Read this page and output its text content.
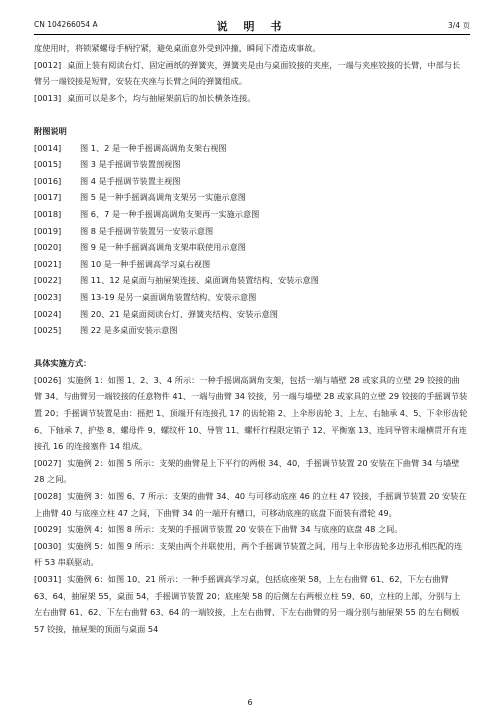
CN 104266054 A	说 明 书	3/4 页

度使用时，将锁紧螺母手柄拧紧，避免桌面意外受到冲撞，瞬间下滑造成事故。

[0012] 桌面上装有阅读台灯、固定画纸的弹簧夹，弹簧夹是由与桌面铰接的夹座，一端与夹座铰接的长臂，中部与长臂另一端铰接是短臂，安装在夹座与长臂之间的弹簧组成。

[0013] 桌面可以是多个，均与抽屉架前后的加长横条连接。

附图说明

[0014] 图 1、2 是一种手摇调高调角支架右视图

[0015] 图 3 是手摇调节装置剖视图

[0016] 图 4 是手摇调节装置主视图

[0017] 图 5 是一种手摇调高调角支架另一实施示意图

[0018] 图 6、7 是一种手摇调高调角支架再一实施示意图

[0019] 图 8 是手摇调节装置另一安装示意图

[0020] 图 9 是一种手摇调高调角支架串联使用示意图

[0021] 图 10 是一种手摇调高学习桌右视图

[0022] 图 11、12 是桌面与抽屉架连接、桌面调角装置结构、安装示意图

[0023] 图 13-19 是另一桌面调角装置结构、安装示意图

[0024] 图 20、21 是桌面阅读台灯、弹簧夹结构、安装示意图

[0025] 图 22 是多桌面安装示意图

具体实施方式：

[0026] 实施例 1：如图 1、2、3、4 所示：一种手摇调高调角支架，包括一端与墙壁 28 或家具的立壁 29 铰接的曲臂 34、与曲臂另一端铰接的任意物件 41、一端与曲臂 34 铰接，另一端与墙壁 28 或家具的立壁 29 铰接的手摇调节装置 20；手摇调节装置是由：摇把 1、顶端开有连接孔 17 的齿轮箱 2、上伞形齿轮 3、上左、右轴承 4、5、下伞形齿轮 6、下轴承 7、护垫 8、螺母件 9、螺纹杆 10、导管 11、螺杆行程限定销子 12、平衡塞 13、连同导管末端横贯开有连接孔 16 的连接塞件 14 组成。

[0027] 实施例 2：如图 5 所示：支架的曲臂是上下平行的两根 34、40，手摇调节装置 20 安装在下曲臂 34 与墙壁 28 之间。

[0028] 实施例 3：如图 6、7 所示：支架的曲臂 34、40 与可移动底座 46 的立柱 47 铰接，手摇调节装置 20 安装在上曲臂 40 与底座立柱 47 之间，下曲臂 34 的一端开有槽口，可移动底座的底盘下面装有滑轮 49。

[0029] 实施例 4：如图 8 所示：支架的手摇调节装置 20 安装在下曲臂 34 与底座的底盘 48 之间。

[0030] 实施例 5：如图 9 所示：支架由两个并联使用，两个手摇调节装置之间，用与上伞形齿轮多边形孔相匹配的连杆 53 串联驱动。

[0031] 实施例 6：如图 10、21 所示：一种手摇调高学习桌，包括底座架 58，上左右曲臂 61、62，下左右曲臂 63、64，抽屉架 55，桌面 54，手摇调节装置 20；底座架 58 的后侧左右两根立柱 59、60，立柱的上部，分别与上左右曲臂 61、62、下左右曲臂 63、64 的一端铰接，上左右曲臂、下左右曲臂的另一端分别与抽屉架 55 的左右侧板 57 铰接，抽屉架的顶面与桌面 54

6
